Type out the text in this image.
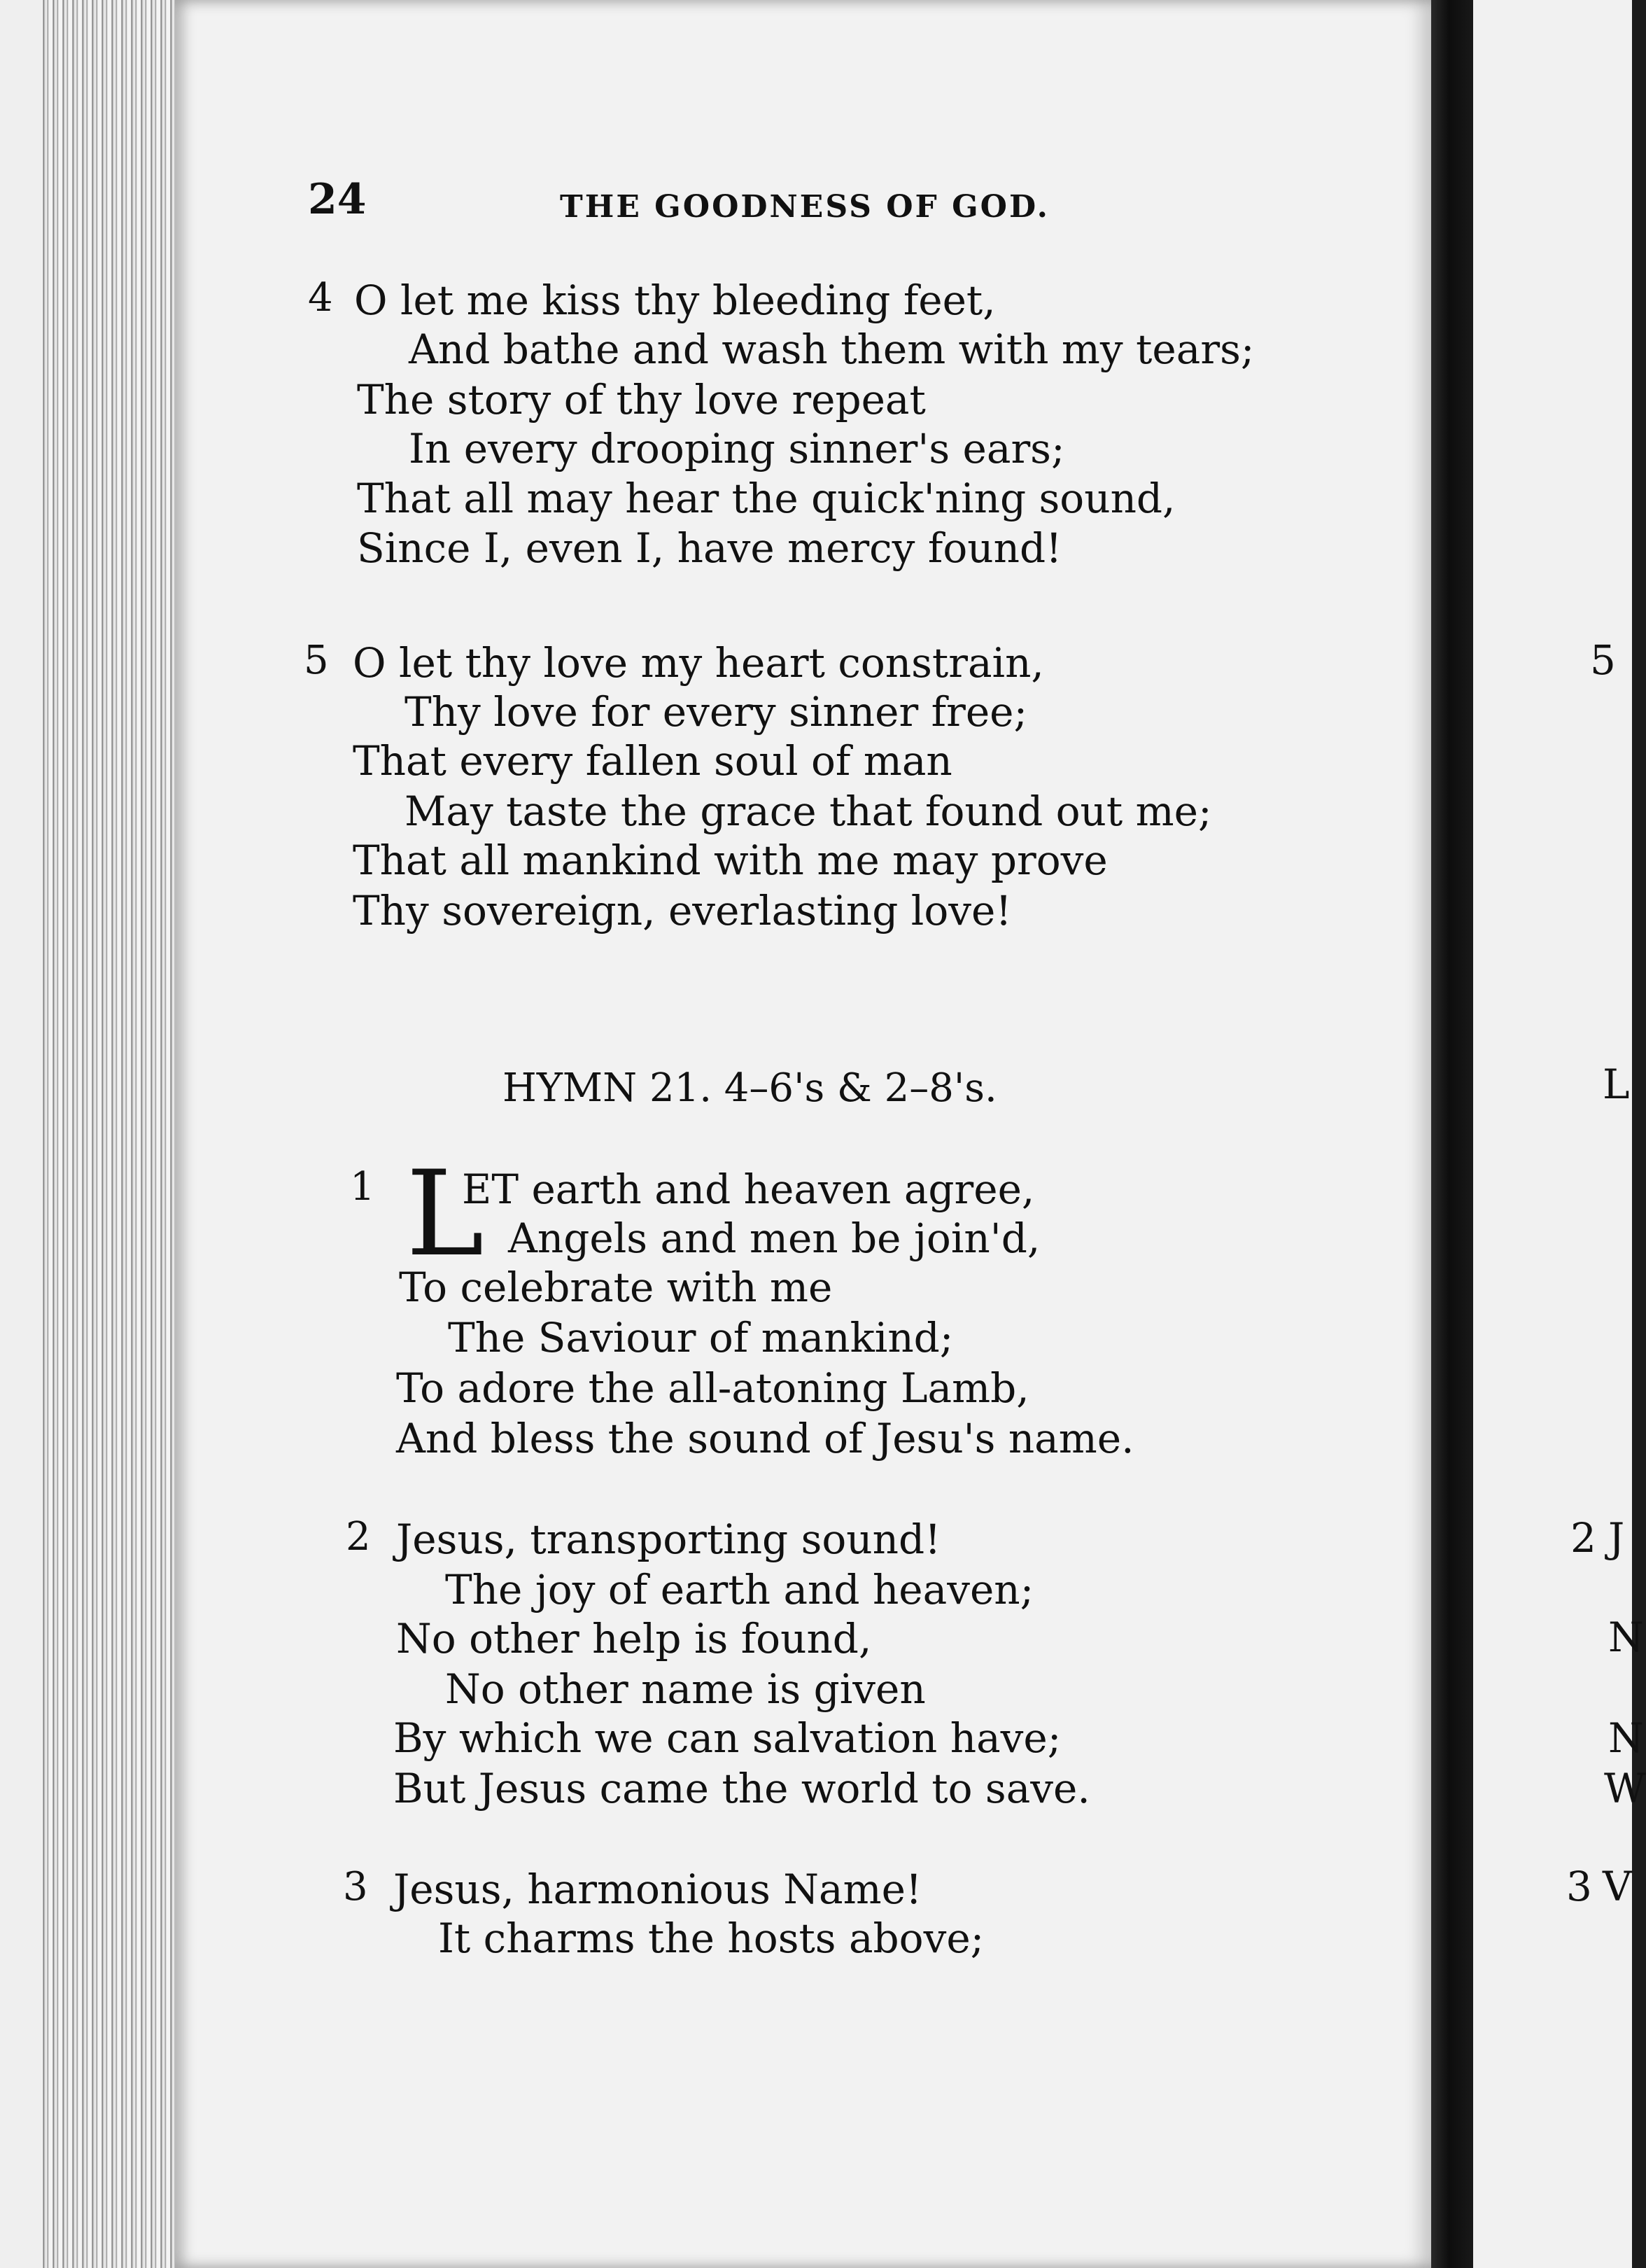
24	THE GOODNESS OF GOD.
4 O let me kiss thy bleeding feet,
And bathe and wash them with my tears;
The story of thy love repeat
In every drooping sinner's ears;
That all may hear the quick'ning sound,
Since I, even I, have mercy found!
5 O let thy love my heart constrain,
Thy love for every sinner free;
That every fallen soul of man
May taste the grace that found out me;
That all mankind with me may prove
Thy sovereign, everlasting love!
HYMN 21. 4–6's & 2–8's.
1 L
ET earth and heaven agree,
Angels and men be join'd,
To celebrate with me
The Saviour of mankind;
To adore the all-atoning Lamb,
And bless the sound of Jesu's name.
2 Jesus, transporting sound!
The joy of earth and heaven;
No other help is found,
No other name is given
By which we can salvation have;
But Jesus came the world to save.
3 Jesus, harmonious Name!
It charms the hosts above;
5
L
2 J
N
N
W
3 V
